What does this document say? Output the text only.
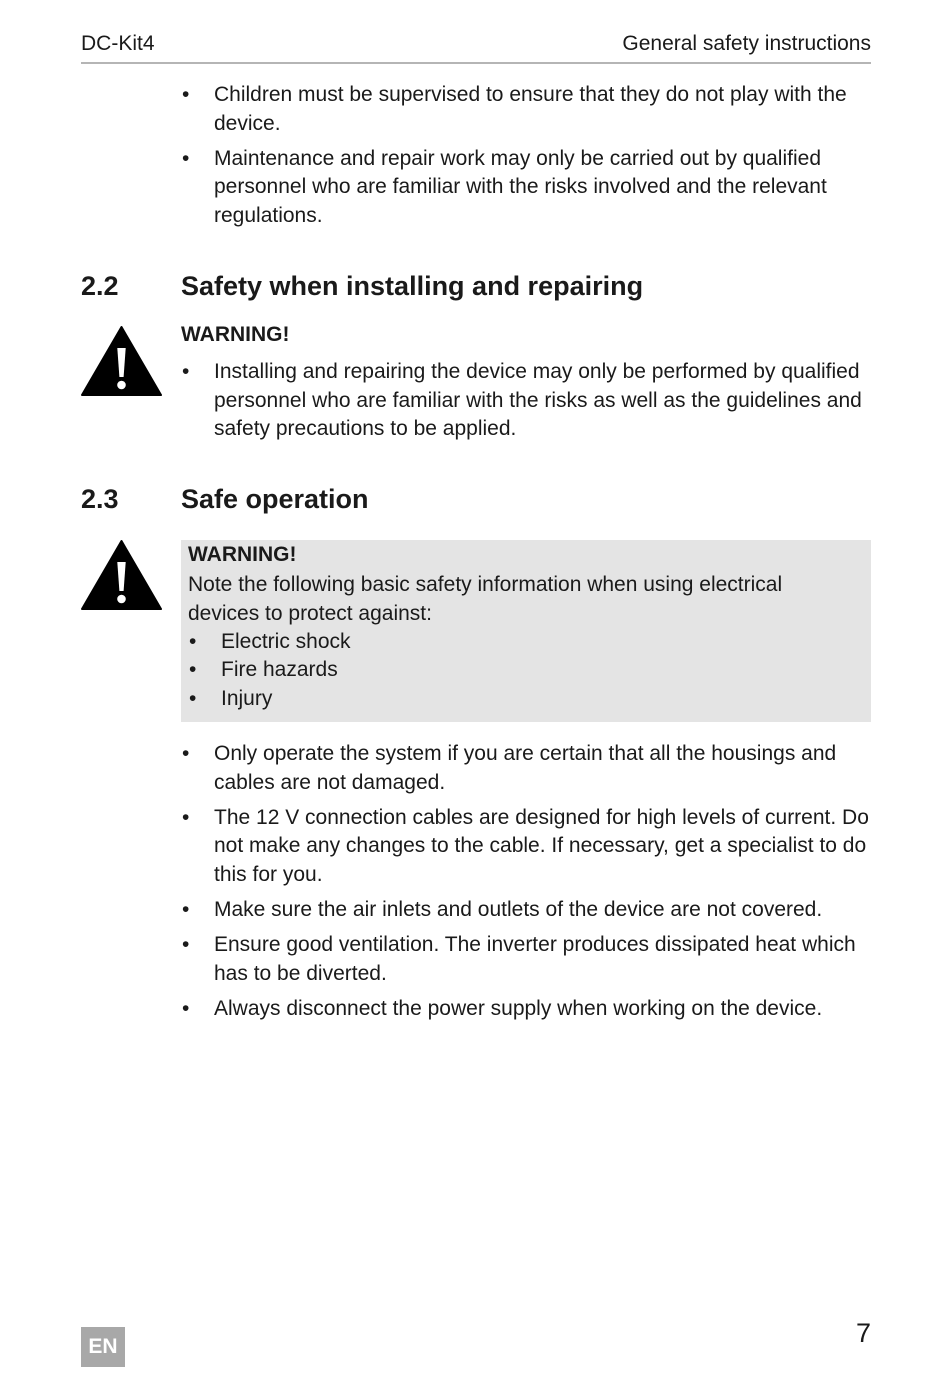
DC-Kit4	General safety instructions
• Children must be supervised to ensure that they do not play with the device.
• Maintenance and repair work may only be carried out by qualified personnel who are familiar with the risks involved and the relevant regulations.
2.2 Safety when installing and repairing
WARNING!
• Installing and repairing the device may only be performed by qualified personnel who are familiar with the risks as well as the guidelines and safety precautions to be applied.
2.3 Safe operation
WARNING!
Note the following basic safety information when using electrical devices to protect against:
• Electric shock
• Fire hazards
• Injury
• Only operate the system if you are certain that all the housings and cables are not damaged.
• The 12 V connection cables are designed for high levels of current. Do not make any changes to the cable. If necessary, get a specialist to do this for you.
• Make sure the air inlets and outlets of the device are not covered.
• Ensure good ventilation. The inverter produces dissipated heat which has to be diverted.
• Always disconnect the power supply when working on the device.
EN	7
